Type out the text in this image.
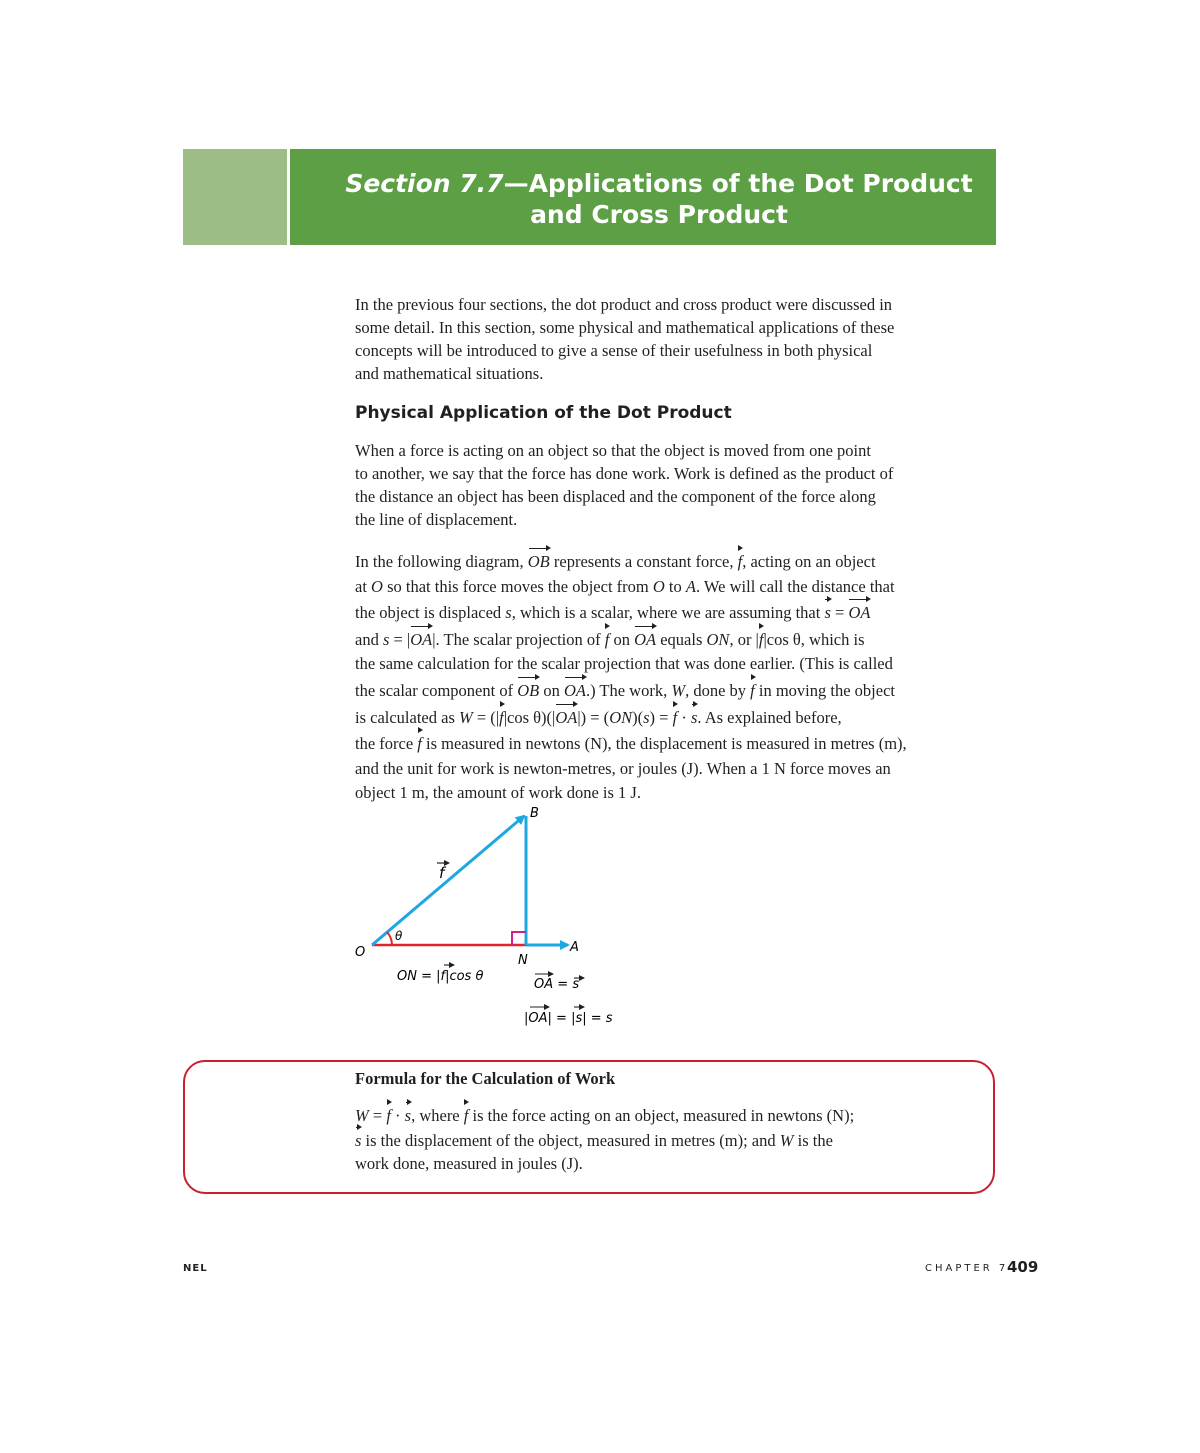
Section 7.7—Applications of the Dot Product
and Cross Product
In the previous four sections, the dot product and cross product were discussed in
some detail. In this section, some physical and mathematical applications of these
concepts will be introduced to give a sense of their usefulness in both physical
and mathematical situations.
Physical Application of the Dot Product
When a force is acting on an object so that the object is moved from one point
to another, we say that the force has done work. Work is defined as the product of
the distance an object has been displaced and the component of the force along
the line of displacement.
In the following diagram, OB represents a constant force, f, acting on an object
at O so that this force moves the object from O to A. We will call the distance that
the object is displaced s, which is a scalar, where we are assuming that s = OA
and s = |OA|. The scalar projection of f on OA equals ON, or |f|cos θ, which is
the same calculation for the scalar projection that was done earlier. (This is called
the scalar component of OB on OA.) The work, W, done by f in moving the object
is calculated as W = (|f|cos θ)(|OA|) = (ON)(s) = f · s. As explained before,
the force f is measured in newtons (N), the displacement is measured in metres (m),
and the unit for work is newton-metres, or joules (J). When a 1 N force moves an
object 1 m, the amount of work done is 1 J.
B
O	A
N
θ
f
ON = |f|cos θ
OA = s
|OA| = |s| = s
Formula for the Calculation of Work
W = f · s, where f is the force acting on an object, measured in newtons (N);
s is the displacement of the object, measured in metres (m); and W is the
work done, measured in joules (J).
NEL	CHAPTER 7
409
